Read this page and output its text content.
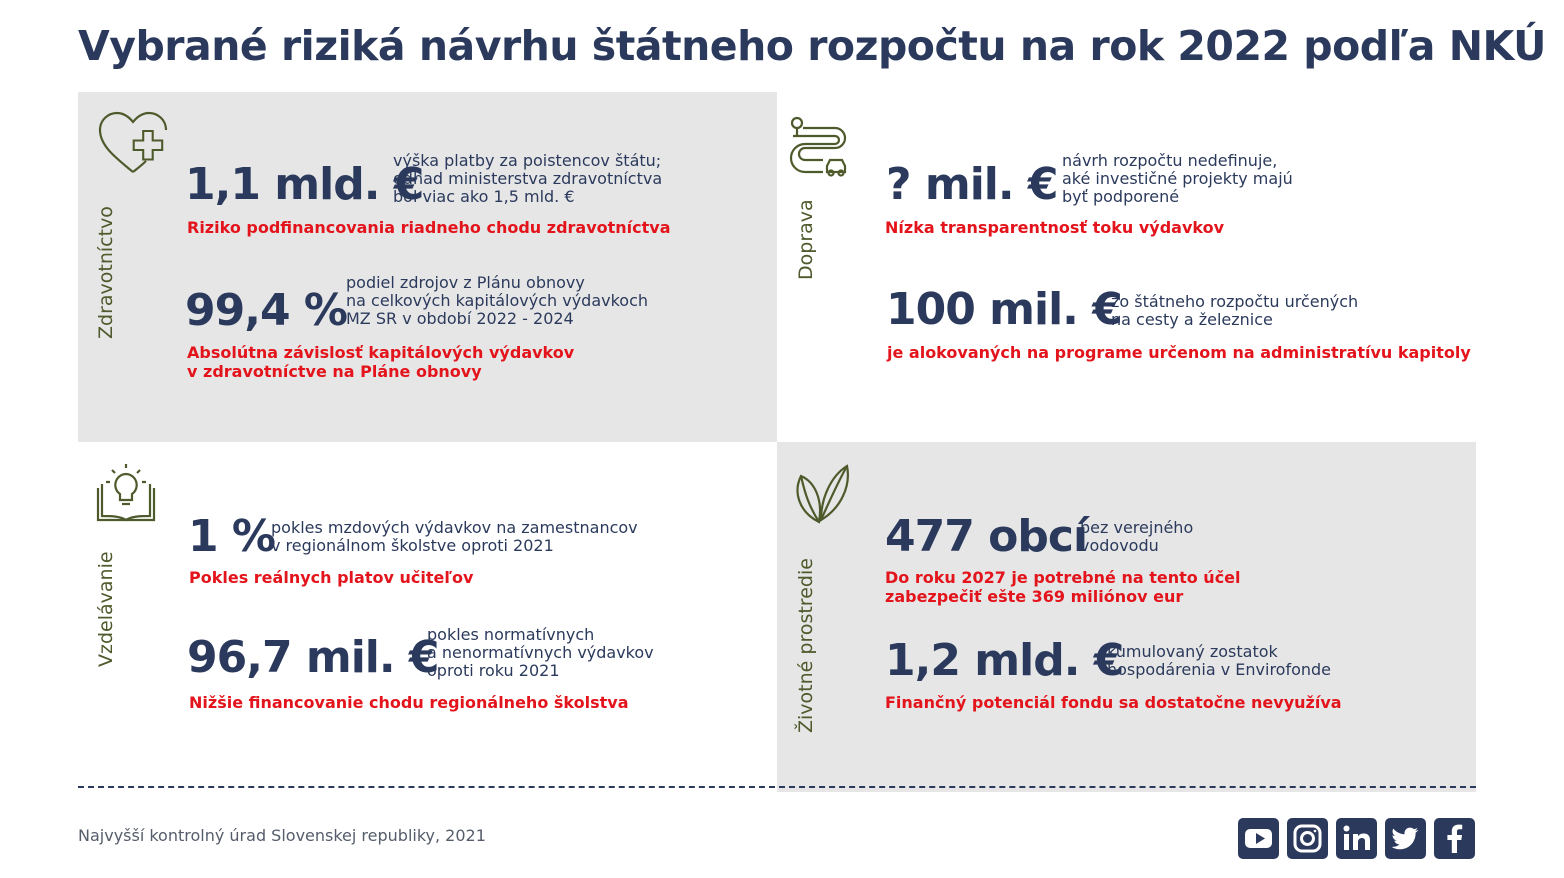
Vybrané riziká návrhu štátneho rozpočtu na rok 2022 podľa NKÚ
Zdravotníctvo
1,1 mld. €
výška platby za poistencov štátu;
odhad ministerstva zdravotníctva
bol viac ako 1,5 mld. €
Riziko podfinancovania riadneho chodu zdravotníctva
99,4 %
podiel zdrojov z Plánu obnovy
na celkových kapitálových výdavkoch
MZ SR v období 2022 - 2024
Absolútna závislosť kapitálových výdavkov
v zdravotníctve na Pláne obnovy
Doprava
? mil. € návrh rozpočtu nedefinuje,
aké investičné projekty majú
byť podporené
Nízka transparentnosť toku výdavkov
100 mil. €
zo štátneho rozpočtu určených
na cesty a železnice
je alokovaných na programe určenom na administratívu kapitoly
Vzdelávanie
1 %
pokles mzdových výdavkov na zamestnancov
v regionálnom školstve oproti 2021
Pokles reálnych platov učiteľov
96,7 mil. €
pokles normatívnych
a nenormatívnych výdavkov
oproti roku 2021
Nižšie financovanie chodu regionálneho školstva	Životné prostredie
477 obcí
bez verejného
vodovodu
Do roku 2027 je potrebné na tento účel
zabezpečiť ešte 369 miliónov eur
1,2 mld. €
kumulovaný zostatok
hospodárenia v Envirofonde
Finančný potenciál fondu sa dostatočne nevyužíva
Najvyšší kontrolný úrad Slovenskej republiky, 2021
